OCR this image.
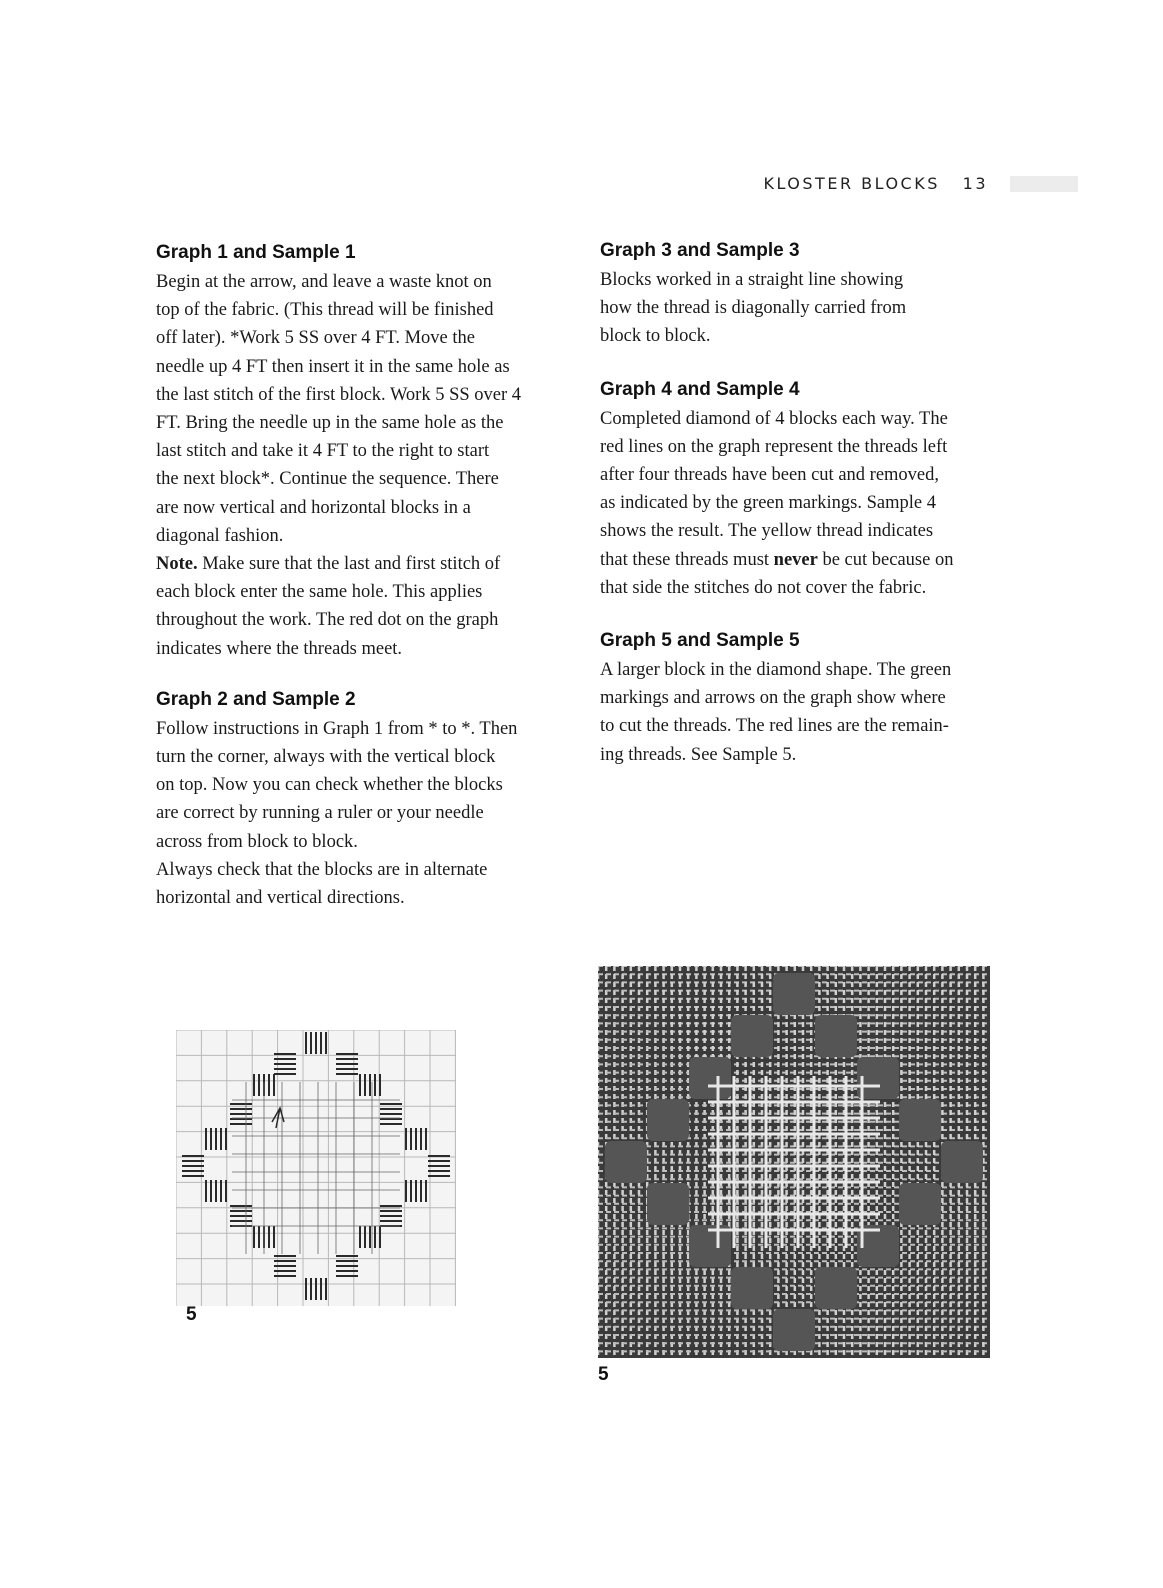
KLOSTER BLOCKS 13
Graph 1 and Sample 1

Begin at the arrow, and leave a waste knot on

top of the fabric. (This thread will be finished

off later). *Work 5 SS over 4 FT. Move the

needle up 4 FT then insert it in the same hole as

the last stitch of the first block. Work 5 SS over 4

FT. Bring the needle up in the same hole as the

last stitch and take it 4 FT to the right to start

the next block*. Continue the sequence. There

are now vertical and horizontal blocks in a

diagonal fashion.

Note. Make sure that the last and first stitch of

each block enter the same hole. This applies

throughout the work. The red dot on the graph

indicates where the threads meet.

Graph 2 and Sample 2

Follow instructions in Graph 1 from * to *. Then

turn the corner, always with the vertical block

on top. Now you can check whether the blocks

are correct by running a ruler or your needle

across from block to block.

Always check that the blocks are in alternate

horizontal and vertical directions.

Graph 3 and Sample 3

Blocks worked in a straight line showing

how the thread is diagonally carried from

block to block.

Graph 4 and Sample 4

Completed diamond of 4 blocks each way. The

red lines on the graph represent the threads left

after four threads have been cut and removed,

as indicated by the green markings. Sample 4

shows the result. The yellow thread indicates

that these threads must never be cut because on

that side the stitches do not cover the fabric.

Graph 5 and Sample 5

A larger block in the diamond shape. The green

markings and arrows on the graph show where

to cut the threads. The red lines are the remain-

ing threads. See Sample 5.

5
5
